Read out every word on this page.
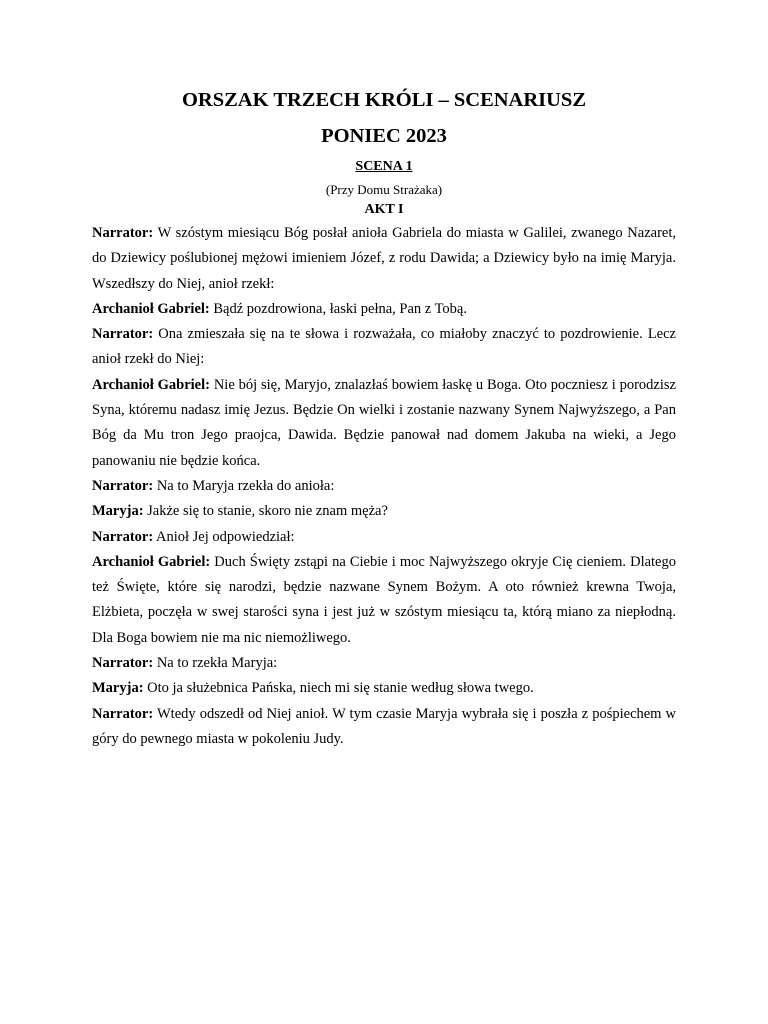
ORSZAK TRZECH KRÓLI – SCENARIUSZ
PONIEC 2023

SCENA 1

(Przy Domu Strażaka)

AKT I

Narrator: W szóstym miesiącu Bóg posłał anioła Gabriela do miasta w Galilei, zwanego Nazaret, do Dziewicy poślubionej mężowi imieniem Józef, z rodu Dawida; a Dziewicy było na imię Maryja. Wszedłszy do Niej, anioł rzekł:

Archanioł Gabriel: Bądź pozdrowiona, łaski pełna, Pan z Tobą.

Narrator: Ona zmieszała się na te słowa i rozważała, co miałoby znaczyć to pozdrowienie. Lecz anioł rzekł do Niej:

Archanioł Gabriel: Nie bój się, Maryjo, znalazłaś bowiem łaskę u Boga. Oto poczniesz i porodzisz Syna, któremu nadasz imię Jezus. Będzie On wielki i zostanie nazwany Synem Najwyższego, a Pan Bóg da Mu tron Jego praojca, Dawida. Będzie panował nad domem Jakuba na wieki, a Jego panowaniu nie będzie końca.

Narrator: Na to Maryja rzekła do anioła:

Maryja: Jakże się to stanie, skoro nie znam męża?

Narrator: Anioł Jej odpowiedział:

Archanioł Gabriel: Duch Święty zstąpi na Ciebie i moc Najwyższego okryje Cię cieniem. Dlatego też Święte, które się narodzi, będzie nazwane Synem Bożym. A oto również krewna Twoja, Elżbieta, poczęła w swej starości syna i jest już w szóstym miesiącu ta, którą miano za niepłodną. Dla Boga bowiem nie ma nic niemożliwego.

Narrator: Na to rzekła Maryja:

Maryja: Oto ja służebnica Pańska, niech mi się stanie według słowa twego.

Narrator: Wtedy odszedł od Niej anioł. W tym czasie Maryja wybrała się i poszła z pośpiechem w góry do pewnego miasta w pokoleniu Judy.
